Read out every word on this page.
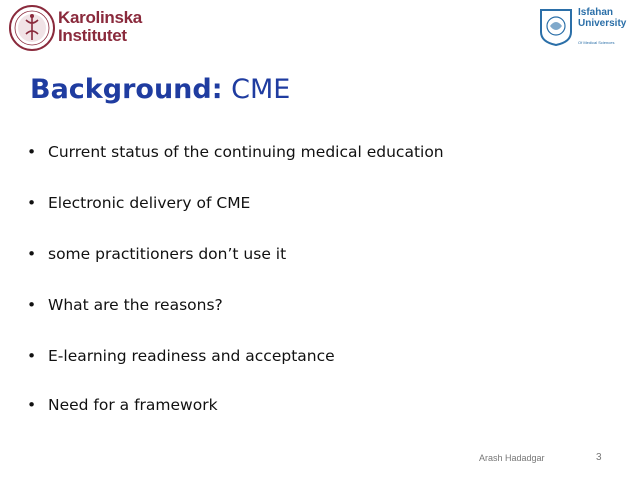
Karolinska
Institutet
Isfahan
University
Of Medical Sciences
Background: CME
• Current status of the continuing medical education
• Electronic delivery of CME
• some practitioners don’t use it
• What are the reasons?
• E-learning readiness and acceptance
• Need for a framework
Arash Hadadgar	3
